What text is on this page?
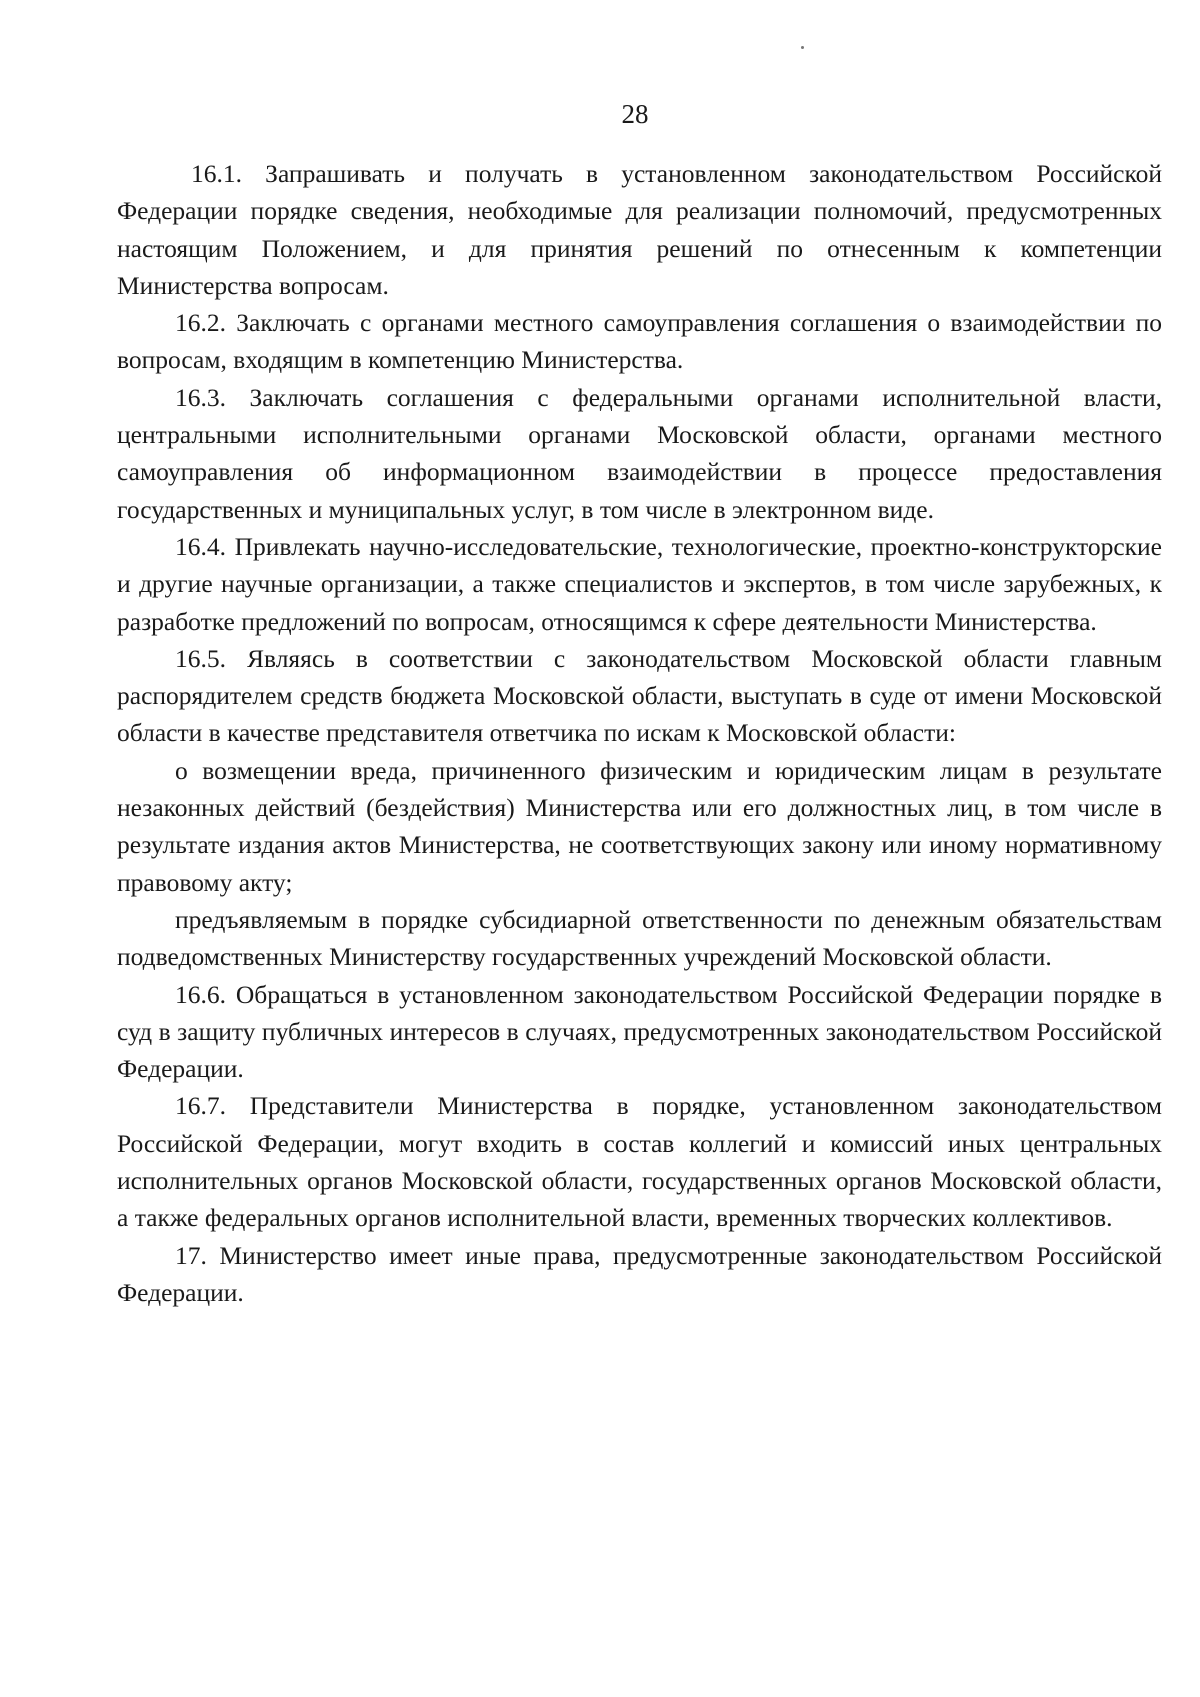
28

16.1. Запрашивать и получать в установленном законодательством Российской Федерации порядке сведения, необходимые для реализации полномочий, предусмотренных настоящим Положением, и для принятия решений по отнесенным к компетенции Министерства вопросам.

16.2. Заключать с органами местного самоуправления соглашения о взаимодействии по вопросам, входящим в компетенцию Министерства.

16.3. Заключать соглашения с федеральными органами исполнительной власти, центральными исполнительными органами Московской области, органами местного самоуправления об информационном взаимодействии в процессе предоставления государственных и муниципальных услуг, в том числе в электронном виде.

16.4. Привлекать научно-исследовательские, технологические, проектно-конструкторские и другие научные организации, а также специалистов и экспертов, в том числе зарубежных, к разработке предложений по вопросам, относящимся к сфере деятельности Министерства.

16.5. Являясь в соответствии с законодательством Московской области главным распорядителем средств бюджета Московской области, выступать в суде от имени Московской области в качестве представителя ответчика по искам к Московской области:

о возмещении вреда, причиненного физическим и юридическим лицам в результате незаконных действий (бездействия) Министерства или его должностных лиц, в том числе в результате издания актов Министерства, не соответствующих закону или иному нормативному правовому акту;

предъявляемым в порядке субсидиарной ответственности по денежным обязательствам подведомственных Министерству государственных учреждений Московской области.

16.6. Обращаться в установленном законодательством Российской Федерации порядке в суд в защиту публичных интересов в случаях, предусмотренных законодательством Российской Федерации.

16.7. Представители Министерства в порядке, установленном законодательством Российской Федерации, могут входить в состав коллегий и комиссий иных центральных исполнительных органов Московской области, государственных органов Московской области, а также федеральных органов исполнительной власти, временных творческих коллективов.

17. Министерство имеет иные права, предусмотренные законодательством Российской Федерации.
